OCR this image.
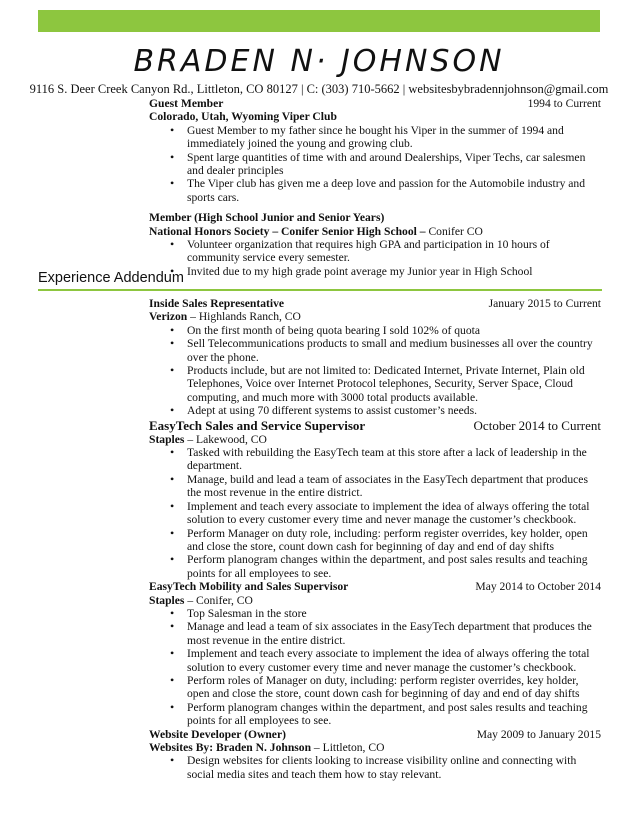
BRADEN N· JOHNSON
9116 S. Deer Creek Canyon Rd., Littleton, CO 80127 | C: (303) 710-5662 | websitesbybradennjohnson@gmail.com
Guest Member	1994 to Current
Colorado, Utah, Wyoming Viper Club
• Guest Member to my father since he bought his Viper in the summer of 1994 and immediately joined the young and growing club.
• Spent large quantities of time with and around Dealerships, Viper Techs, car salesmen and dealer principles
• The Viper club has given me a deep love and passion for the Automobile industry and sports cars.
Member (High School Junior and Senior Years)
National Honors Society – Conifer Senior High School – Conifer CO
• Volunteer organization that requires high GPA and participation in 10 hours of community service every semester.
• Invited due to my high grade point average my Junior year in High School
Experience Addendum
Inside Sales Representative	January 2015 to Current
Verizon – Highlands Ranch, CO
• On the first month of being quota bearing I sold 102% of quota
• Sell Telecommunications products to small and medium businesses all over the country over the phone.
• Products include, but are not limited to: Dedicated Internet, Private Internet, Plain old Telephones, Voice over Internet Protocol telephones, Security, Server Space, Cloud computing, and much more with 3000 total products available.
• Adept at using 70 different systems to assist customer’s needs.
EasyTech Sales and Service Supervisor	October 2014 to Current
Staples – Lakewood, CO
• Tasked with rebuilding the EasyTech team at this store after a lack of leadership in the department.
• Manage, build and lead a team of associates in the EasyTech department that produces the most revenue in the entire district.
• Implement and teach every associate to implement the idea of always offering the total solution to every customer every time and never manage the customer’s checkbook.
• Perform Manager on duty role, including: perform register overrides, key holder, open and close the store, count down cash for beginning of day and end of day shifts
• Perform planogram changes within the department, and post sales results and teaching points for all employees to see.
EasyTech Mobility and Sales Supervisor	May 2014 to October 2014
Staples – Conifer, CO
• Top Salesman in the store
• Manage and lead a team of six associates in the EasyTech department that produces the most revenue in the entire district.
• Implement and teach every associate to implement the idea of always offering the total solution to every customer every time and never manage the customer’s checkbook.
• Perform roles of Manager on duty, including: perform register overrides, key holder, open and close the store, count down cash for beginning of day and end of day shifts
• Perform planogram changes within the department, and post sales results and teaching points for all employees to see.
Website Developer (Owner)	May 2009 to January 2015
Websites By: Braden N. Johnson – Littleton, CO
• Design websites for clients looking to increase visibility online and connecting with social media sites and teach them how to stay relevant.
